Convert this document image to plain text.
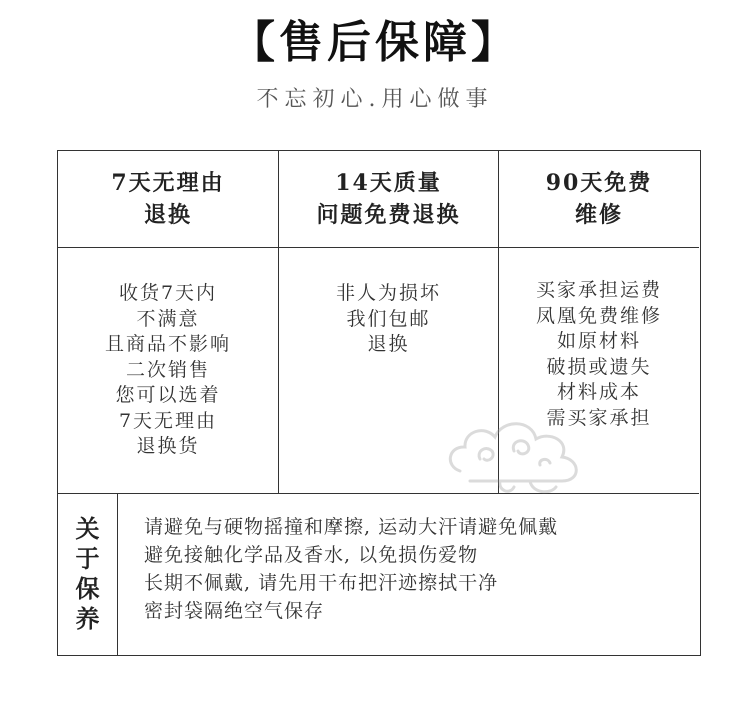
【售后保障】
不忘初心.用心做事
7天无理由
退换
收货7天内
不满意
且商品不影响
二次销售
您可以选着
7天无理由
退换货
14天质量
问题免费退换
非人为损坏
我们包邮
退换
90天免费
维修
买家承担运费
凤凰免费维修
如原材料
破损或遗失
材料成本
需买家承担
关
于
保
养
请避免与硬物摇撞和摩擦, 运动大汗请避免佩戴
避免接触化学品及香水, 以免损伤爱物
长期不佩戴, 请先用干布把汗迹擦拭干净
密封袋隔绝空气保存
